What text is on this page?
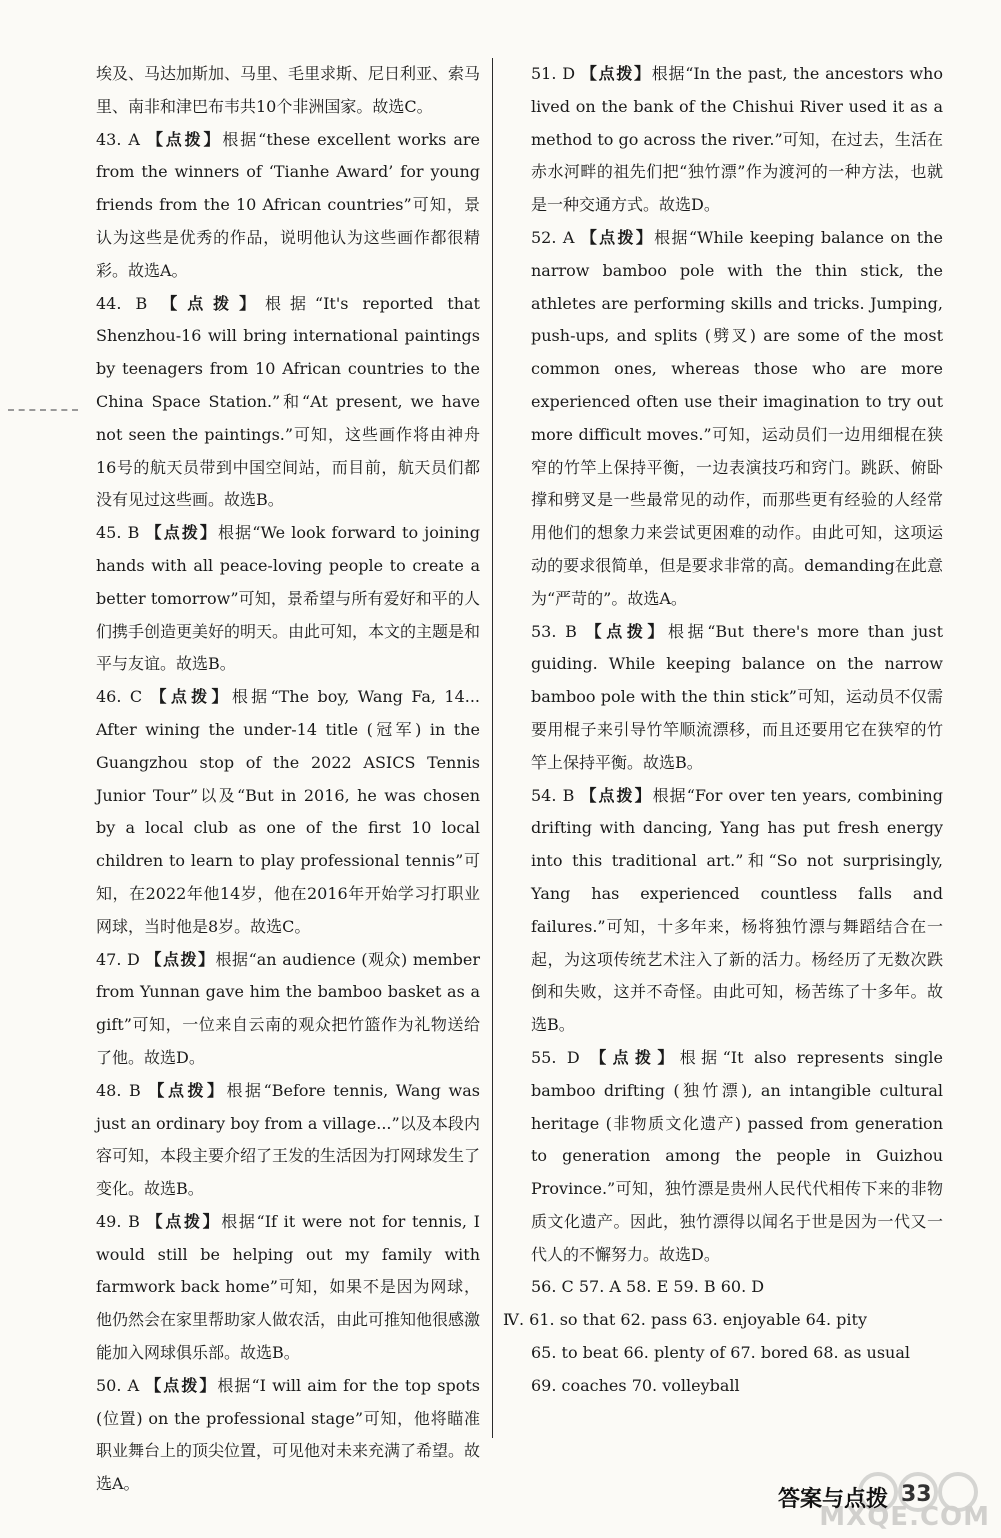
埃及、马达加斯加、马里、毛里求斯、尼日利亚、索马里、南非和津巴布韦共10个非洲国家。故选C。

43. A 【点拨】根据“these excellent works are from the winners of ‘Tianhe Award’ for young friends from the 10 African countries”可知，景认为这些是优秀的作品，说明他认为这些画作都很精彩。故选A。

44. B 【点拨】根据“It's reported that Shenzhou-16 will bring international paintings by teenagers from 10 African countries to the China Space Station.”和“At present, we have not seen the paintings.”可知，这些画作将由神舟16号的航天员带到中国空间站，而目前，航天员们都没有见过这些画。故选B。

45. B 【点拨】根据“We look forward to joining hands with all peace-loving people to create a better tomorrow”可知，景希望与所有爱好和平的人们携手创造更美好的明天。由此可知，本文的主题是和平与友谊。故选B。

46. C 【点拨】根据“The boy, Wang Fa, 14... After wining the under-14 title (冠军) in the Guangzhou stop of the 2022 ASICS Tennis Junior Tour”以及“But in 2016, he was chosen by a local club as one of the first 10 local children to learn to play professional tennis”可知，在2022年他14岁，他在2016年开始学习打职业网球，当时他是8岁。故选C。

47. D 【点拨】根据“an audience (观众) member from Yunnan gave him the bamboo basket as a gift”可知，一位来自云南的观众把竹篮作为礼物送给了他。故选D。

48. B 【点拨】根据“Before tennis, Wang was just an ordinary boy from a village...”以及本段内容可知，本段主要介绍了王发的生活因为打网球发生了变化。故选B。

49. B 【点拨】根据“If it were not for tennis, I would still be helping out my family with farmwork back home”可知，如果不是因为网球，他仍然会在家里帮助家人做农活，由此可推知他很感激能加入网球俱乐部。故选B。

50. A 【点拨】根据“I will aim for the top spots (位置) on the professional stage”可知，他将瞄准职业舞台上的顶尖位置，可见他对未来充满了希望。故选A。

51. D 【点拨】根据“In the past, the ancestors who lived on the bank of the Chishui River used it as a method to go across the river.”可知，在过去，生活在赤水河畔的祖先们把“独竹漂”作为渡河的一种方法，也就是一种交通方式。故选D。

52. A 【点拨】根据“While keeping balance on the narrow bamboo pole with the thin stick, the athletes are performing skills and tricks. Jumping, push-ups, and splits (劈叉) are some of the most common ones, whereas those who are more experienced often use their imagination to try out more difficult moves.”可知，运动员们一边用细棍在狭窄的竹竿上保持平衡，一边表演技巧和窍门。跳跃、俯卧撑和劈叉是一些最常见的动作，而那些更有经验的人经常用他们的想象力来尝试更困难的动作。由此可知，这项运动的要求很简单，但是要求非常的高。demanding在此意为“严苛的”。故选A。

53. B 【点拨】根据“But there's more than just guiding. While keeping balance on the narrow bamboo pole with the thin stick”可知，运动员不仅需要用棍子来引导竹竿顺流漂移，而且还要用它在狭窄的竹竿上保持平衡。故选B。

54. B 【点拨】根据“For over ten years, combining drifting with dancing, Yang has put fresh energy into this traditional art.”和“So not surprisingly, Yang has experienced countless falls and failures.”可知，十多年来，杨将独竹漂与舞蹈结合在一起，为这项传统艺术注入了新的活力。杨经历了无数次跌倒和失败，这并不奇怪。由此可知，杨苦练了十多年。故选B。

55. D 【点拨】根据“It also represents single bamboo drifting (独竹漂), an intangible cultural heritage (非物质文化遗产) passed from generation to generation among the people in Guizhou Province.”可知，独竹漂是贵州人民代代相传下来的非物质文化遗产。因此，独竹漂得以闻名于世是因为一代又一代人的不懈努力。故选D。

56. C 57. A 58. E 59. B 60. D

Ⅳ. 61. so that 62. pass 63. enjoyable 64. pity

65. to beat 66. plenty of 67. bored 68. as usual

69. coaches 70. volleyball

MXQE.COM
答案与点拨 33
